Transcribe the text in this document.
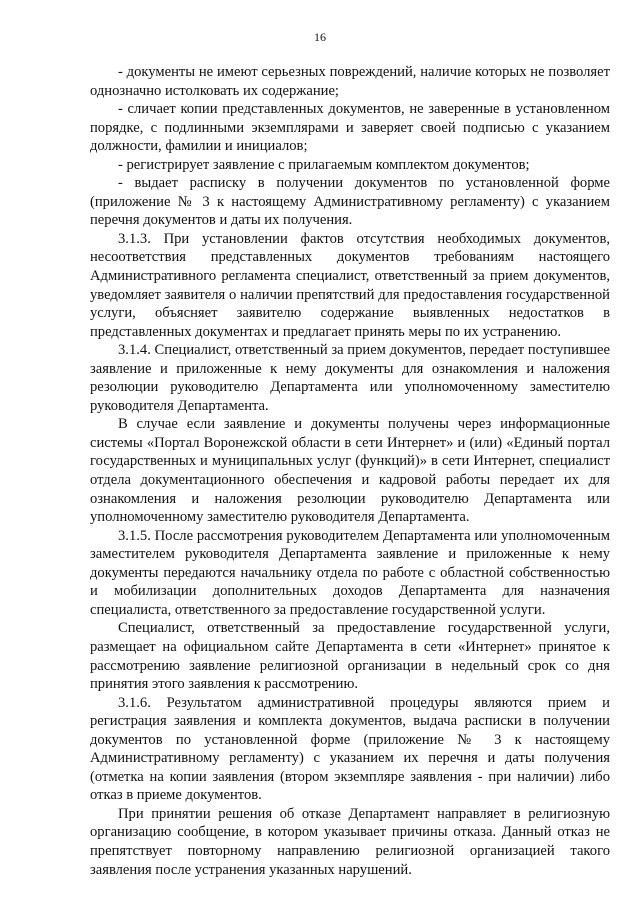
16

- документы не имеют серьезных повреждений, наличие которых не позволяет однозначно истолковать их содержание;

- сличает копии представленных документов, не заверенные в установленном порядке, с подлинными экземплярами и заверяет своей подписью с указанием должности, фамилии и инициалов;

- регистрирует заявление с прилагаемым комплектом документов;

- выдает расписку в получении документов по установленной форме (приложение № 3 к настоящему Административному регламенту) с указанием перечня документов и даты их получения.

3.1.3. При установлении фактов отсутствия необходимых документов, несоответствия представленных документов требованиям настоящего Административного регламента специалист, ответственный за прием документов, уведомляет заявителя о наличии препятствий для предоставления государственной услуги, объясняет заявителю содержание выявленных недостатков в представленных документах и предлагает принять меры по их устранению.

3.1.4. Специалист, ответственный за прием документов, передает поступившее заявление и приложенные к нему документы для ознакомления и наложения резолюции руководителю Департамента или уполномоченному заместителю руководителя Департамента.

В случае если заявление и документы получены через информационные системы «Портал Воронежской области в сети Интернет» и (или) «Единый портал государственных и муниципальных услуг (функций)» в сети Интернет, специалист отдела документационного обеспечения и кадровой работы передает их для ознакомления и наложения резолюции руководителю Департамента или уполномоченному заместителю руководителя Департамента.

3.1.5. После рассмотрения руководителем Департамента или уполномоченным заместителем руководителя Департамента заявление и приложенные к нему документы передаются начальнику отдела по работе с областной собственностью и мобилизации дополнительных доходов Департамента для назначения специалиста, ответственного за предоставление государственной услуги.

Специалист, ответственный за предоставление государственной услуги, размещает на официальном сайте Департамента в сети «Интернет» принятое к рассмотрению заявление религиозной организации в недельный срок со дня принятия этого заявления к рассмотрению.

3.1.6. Результатом административной процедуры являются прием и регистрация заявления и комплекта документов, выдача расписки в получении документов по установленной форме (приложение № 3 к настоящему Административному регламенту) с указанием их перечня и даты получения (отметка на копии заявления (втором экземпляре заявления - при наличии) либо отказ в приеме документов.

При принятии решения об отказе Департамент направляет в религиозную организацию сообщение, в котором указывает причины отказа. Данный отказ не препятствует повторному направлению религиозной организацией такого заявления после устранения указанных нарушений.
